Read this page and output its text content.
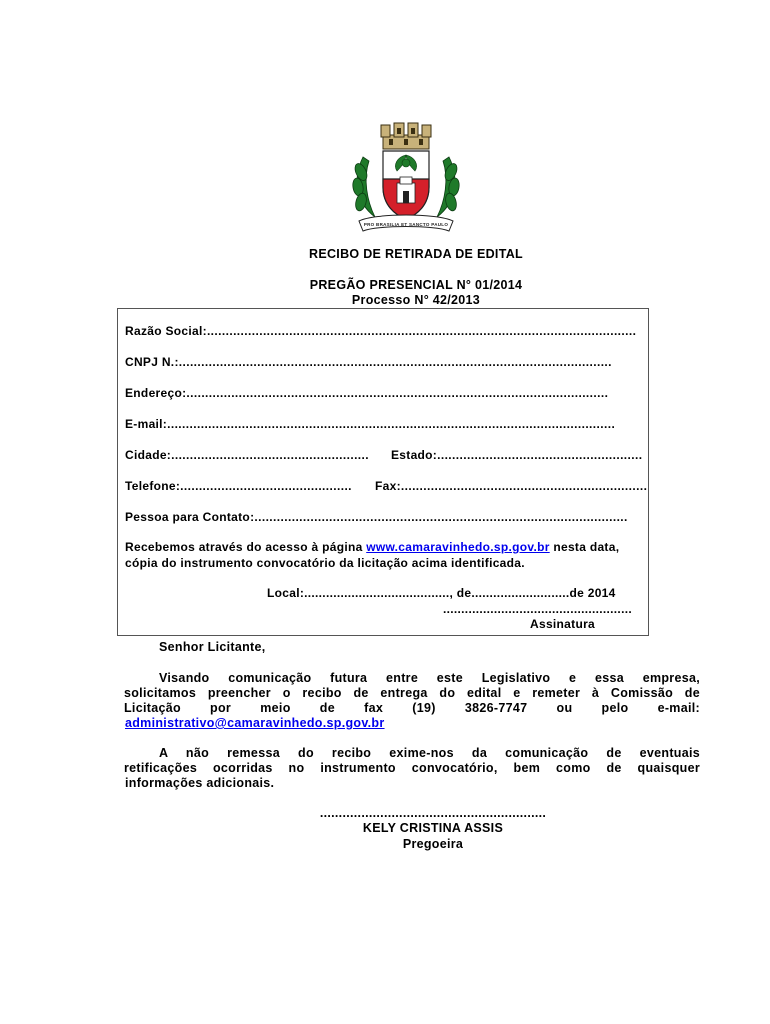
PRO BRASILIA ET SANCTO PAULO
RECIBO DE RETIRADA DE EDITAL
PREGÃO PRESENCIAL N° 01/2014
Processo N° 42/2013
Razão Social:...................................................................................................................
CNPJ N.:....................................................................................................................
Endereço:.................................................................................................................
E-mail:........................................................................................................................
Cidade:..................................................... Estado:.......................................................
Telefone:.............................................. Fax:..................................................................
Pessoa para Contato:....................................................................................................
Recebemos através do acesso à página www.camaravinhedo.sp.gov.br nesta data,
cópia do instrumento convocatório da licitação acima identificada.
Local:........................................, de...........................de 2014
....................................................
Assinatura
Senhor Licitante,
Visando comunicação futura entre este Legislativo e essa empresa,
solicitamos preencher o recibo de entrega do edital e remeter à Comissão de
Licitação por meio de fax (19) 3826-7747 ou pelo e-mail:
administrativo@camaravinhedo.sp.gov.br
A não remessa do recibo exime-nos da comunicação de eventuais
retificações ocorridas no instrumento convocatório, bem como de quaisquer
informações adicionais.
............................................................
KELY CRISTINA ASSIS
Pregoeira
